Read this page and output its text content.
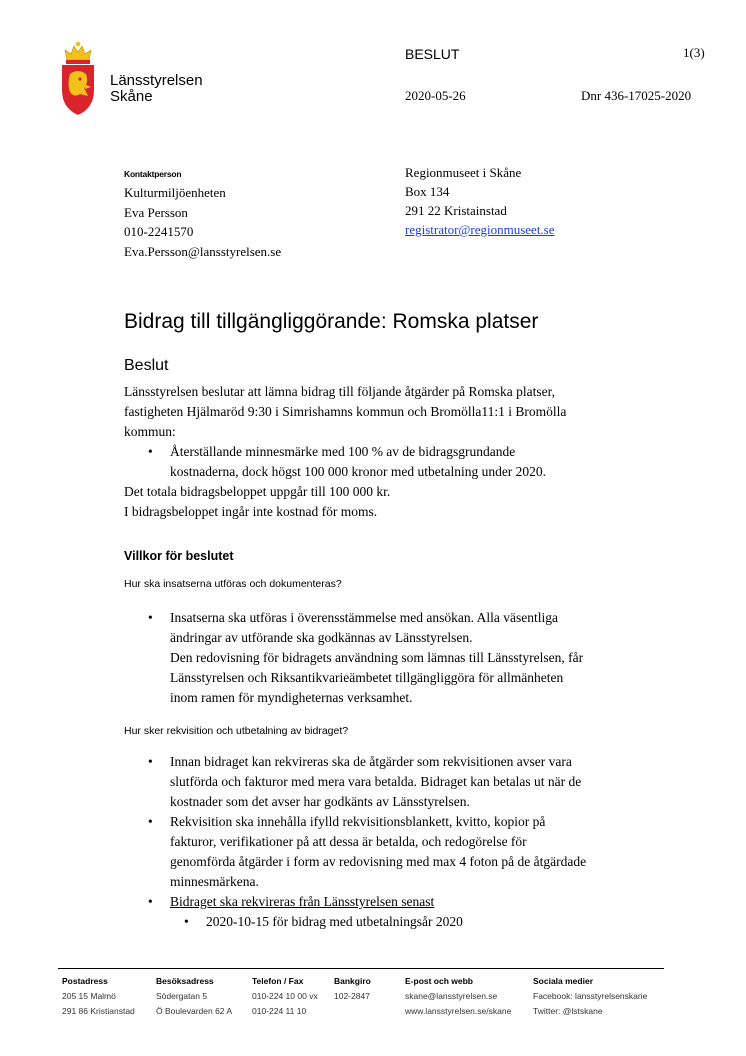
Länsstyrelsen
Skåne
BESLUT	1(3)
2020-05-26	Dnr 436-17025-2020
Kontaktperson
Kulturmiljöenheten
Eva Persson
010-2241570
Eva.Persson@lansstyrelsen.se
Regionmuseet i Skåne
Box 134
291 22 Kristainstad
registrator@regionmuseet.se
Bidrag till tillgängliggörande: Romska platser
Beslut
Länsstyrelsen beslutar att lämna bidrag till följande åtgärder på Romska platser,
fastigheten Hjälmaröd 9:30 i Simrishamns kommun och Bromölla11:1 i Bromölla
kommun:
• Återställande minnesmärke med 100 % av de bidragsgrundande
kostnaderna, dock högst 100 000 kronor med utbetalning under 2020.
Det totala bidragsbeloppet uppgår till 100 000 kr.
I bidragsbeloppet ingår inte kostnad för moms.
Villkor för beslutet
Hur ska insatserna utföras och dokumenteras?
• Insatserna ska utföras i överensstämmelse med ansökan. Alla väsentliga
ändringar av utförande ska godkännas av Länsstyrelsen.
Den redovisning för bidragets användning som lämnas till Länsstyrelsen, får
Länsstyrelsen och Riksantikvarieämbetet tillgängliggöra för allmänheten
inom ramen för myndigheternas verksamhet.
Hur sker rekvisition och utbetalning av bidraget?
• Innan bidraget kan rekvireras ska de åtgärder som rekvisitionen avser vara
slutförda och fakturor med mera vara betalda. Bidraget kan betalas ut när de
kostnader som det avser har godkänts av Länsstyrelsen.
• Rekvisition ska innehålla ifylld rekvisitionsblankett, kvitto, kopior på
fakturor, verifikationer på att dessa är betalda, och redogörelse för
genomförda åtgärder i form av redovisning med max 4 foton på de åtgärdade
minnesmärkena.
• Bidraget ska rekvireras från Länsstyrelsen senast
• 2020-10-15 för bidrag med utbetalningsår 2020
Postadress
205 15 Malmö
291 86 Kristianstad
Besöksadress
Södergatan 5
Ö Boulevarden 62 A
Telefon / Fax
010-224 10 00 vx
010-224 11 10
Bankgiro
102-2847
E-post och webb
skane@lansstyrelsen.se
www.lansstyrelsen.se/skane
Sociala medier
Facebook: lansstyrelsenskane
Twitter: @lstskane
